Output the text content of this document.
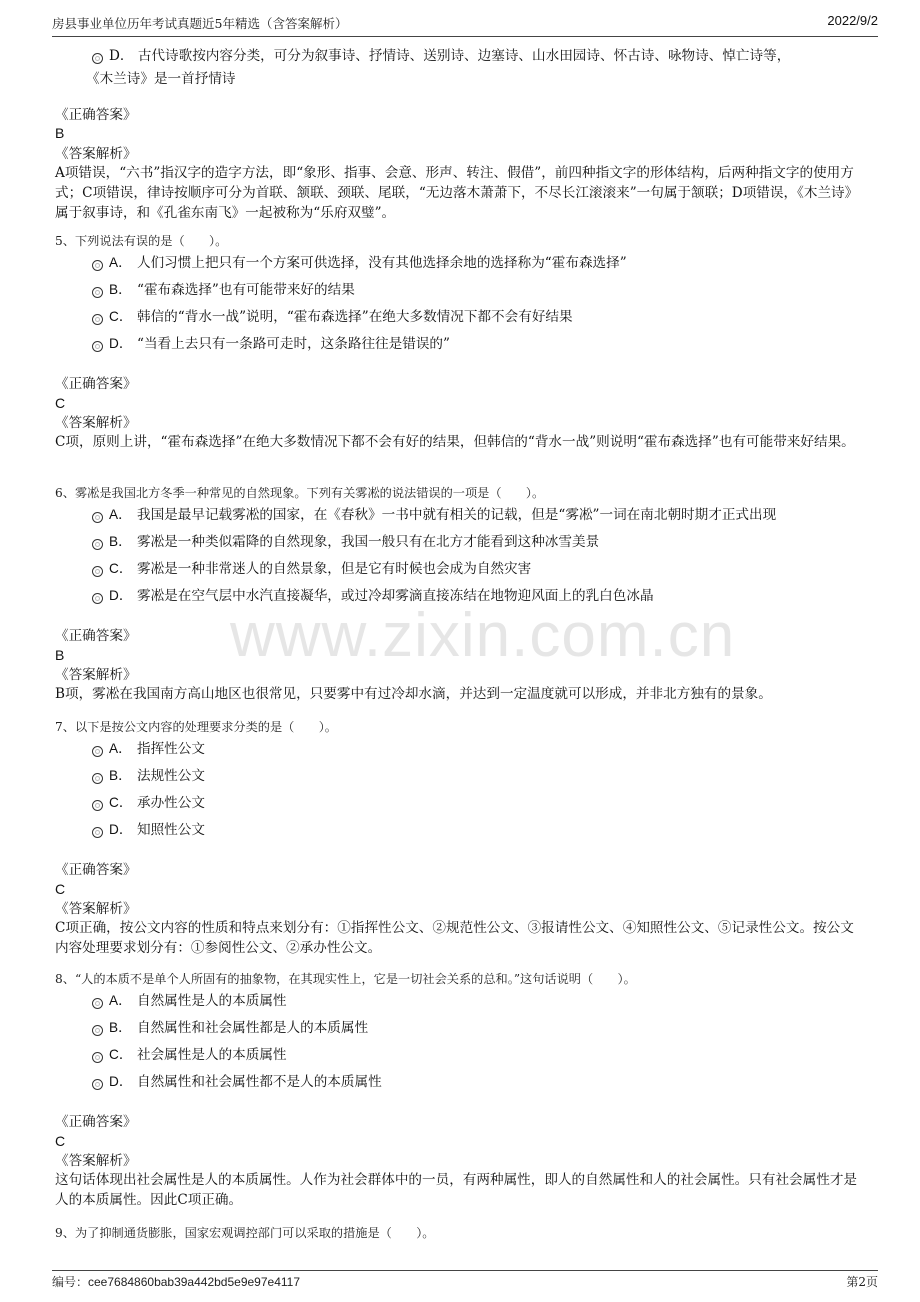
房县事业单位历年考试真题近5年精选（含答案解析）	2022/9/2
www.zixin.com.cn
D． 古代诗歌按内容分类，可分为叙事诗、抒情诗、送别诗、边塞诗、山水田园诗、怀古诗、咏物诗、悼亡诗等，
《木兰诗》是一首抒情诗
《正确答案》
B
《答案解析》
A项错误，“六书”指汉字的造字方法，即“象形、指事、会意、形声、转注、假借”，前四种指文字的形体结构，后两种指文字的使用方式；C项错误，律诗按顺序可分为首联、颔联、颈联、尾联，“无边落木萧萧下，不尽长江滚滚来”一句属于颔联；D项错误，《木兰诗》属于叙事诗，和《孔雀东南飞》一起被称为“乐府双璧”。
5、下列说法有误的是（　　）。
A． 人们习惯上把只有一个方案可供选择，没有其他选择余地的选择称为“霍布森选择”
B． “霍布森选择”也有可能带来好的结果
C． 韩信的“背水一战”说明，“霍布森选择”在绝大多数情况下都不会有好结果
D． “当看上去只有一条路可走时，这条路往往是错误的”
《正确答案》
C
《答案解析》
C项，原则上讲，“霍布森选择”在绝大多数情况下都不会有好的结果，但韩信的“背水一战”则说明“霍布森选择”也有可能带来好结果。
6、雾凇是我国北方冬季一种常见的自然现象。下列有关雾凇的说法错误的一项是（　　）。
A． 我国是最早记载雾凇的国家，在《春秋》一书中就有相关的记载，但是“雾凇”一词在南北朝时期才正式出现
B． 雾凇是一种类似霜降的自然现象，我国一般只有在北方才能看到这种冰雪美景
C． 雾凇是一种非常迷人的自然景象，但是它有时候也会成为自然灾害
D． 雾凇是在空气层中水汽直接凝华，或过冷却雾滴直接冻结在地物迎风面上的乳白色冰晶
《正确答案》
B
《答案解析》
B项，雾凇在我国南方高山地区也很常见，只要雾中有过冷却水滴，并达到一定温度就可以形成，并非北方独有的景象。
7、以下是按公文内容的处理要求分类的是（　　）。
A． 指挥性公文
B． 法规性公文
C． 承办性公文
D． 知照性公文
《正确答案》
C
《答案解析》
C项正确，按公文内容的性质和特点来划分有：①指挥性公文、②规范性公文、③报请性公文、④知照性公文、⑤记录性公文。按公文内容处理要求划分有：①参阅性公文、②承办性公文。
8、“人的本质不是单个人所固有的抽象物，在其现实性上，它是一切社会关系的总和。”这句话说明（　　）。
A． 自然属性是人的本质属性
B． 自然属性和社会属性都是人的本质属性
C． 社会属性是人的本质属性
D． 自然属性和社会属性都不是人的本质属性
《正确答案》
C
《答案解析》
这句话体现出社会属性是人的本质属性。人作为社会群体中的一员，有两种属性，即人的自然属性和人的社会属性。只有社会属性才是人的本质属性。因此C项正确。
9、为了抑制通货膨胀，国家宏观调控部门可以采取的措施是（　　）。
编号：cee7684860bab39a442bd5e9e97e4117	第2页
